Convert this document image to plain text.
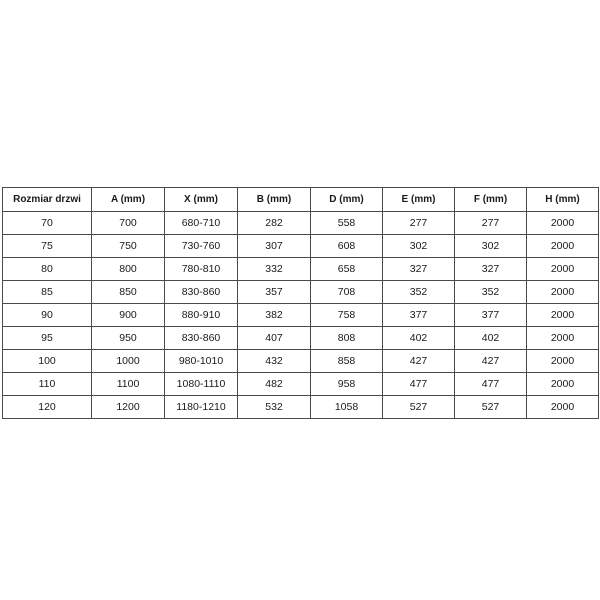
Rozmiar drzwi	A (mm)	X (mm)	B (mm)	D (mm)	E (mm)	F (mm)	H (mm)
70	700	680-710	282	558	277	277	2000
75	750	730-760	307	608	302	302	2000
80	800	780-810	332	658	327	327	2000
85	850	830-860	357	708	352	352	2000
90	900	880-910	382	758	377	377	2000
95	950	830-860	407	808	402	402	2000
100	1000	980-1010	432	858	427	427	2000
110	1100	1080-1110	482	958	477	477	2000
120	1200	1180-1210	532	1058	527	527	2000
